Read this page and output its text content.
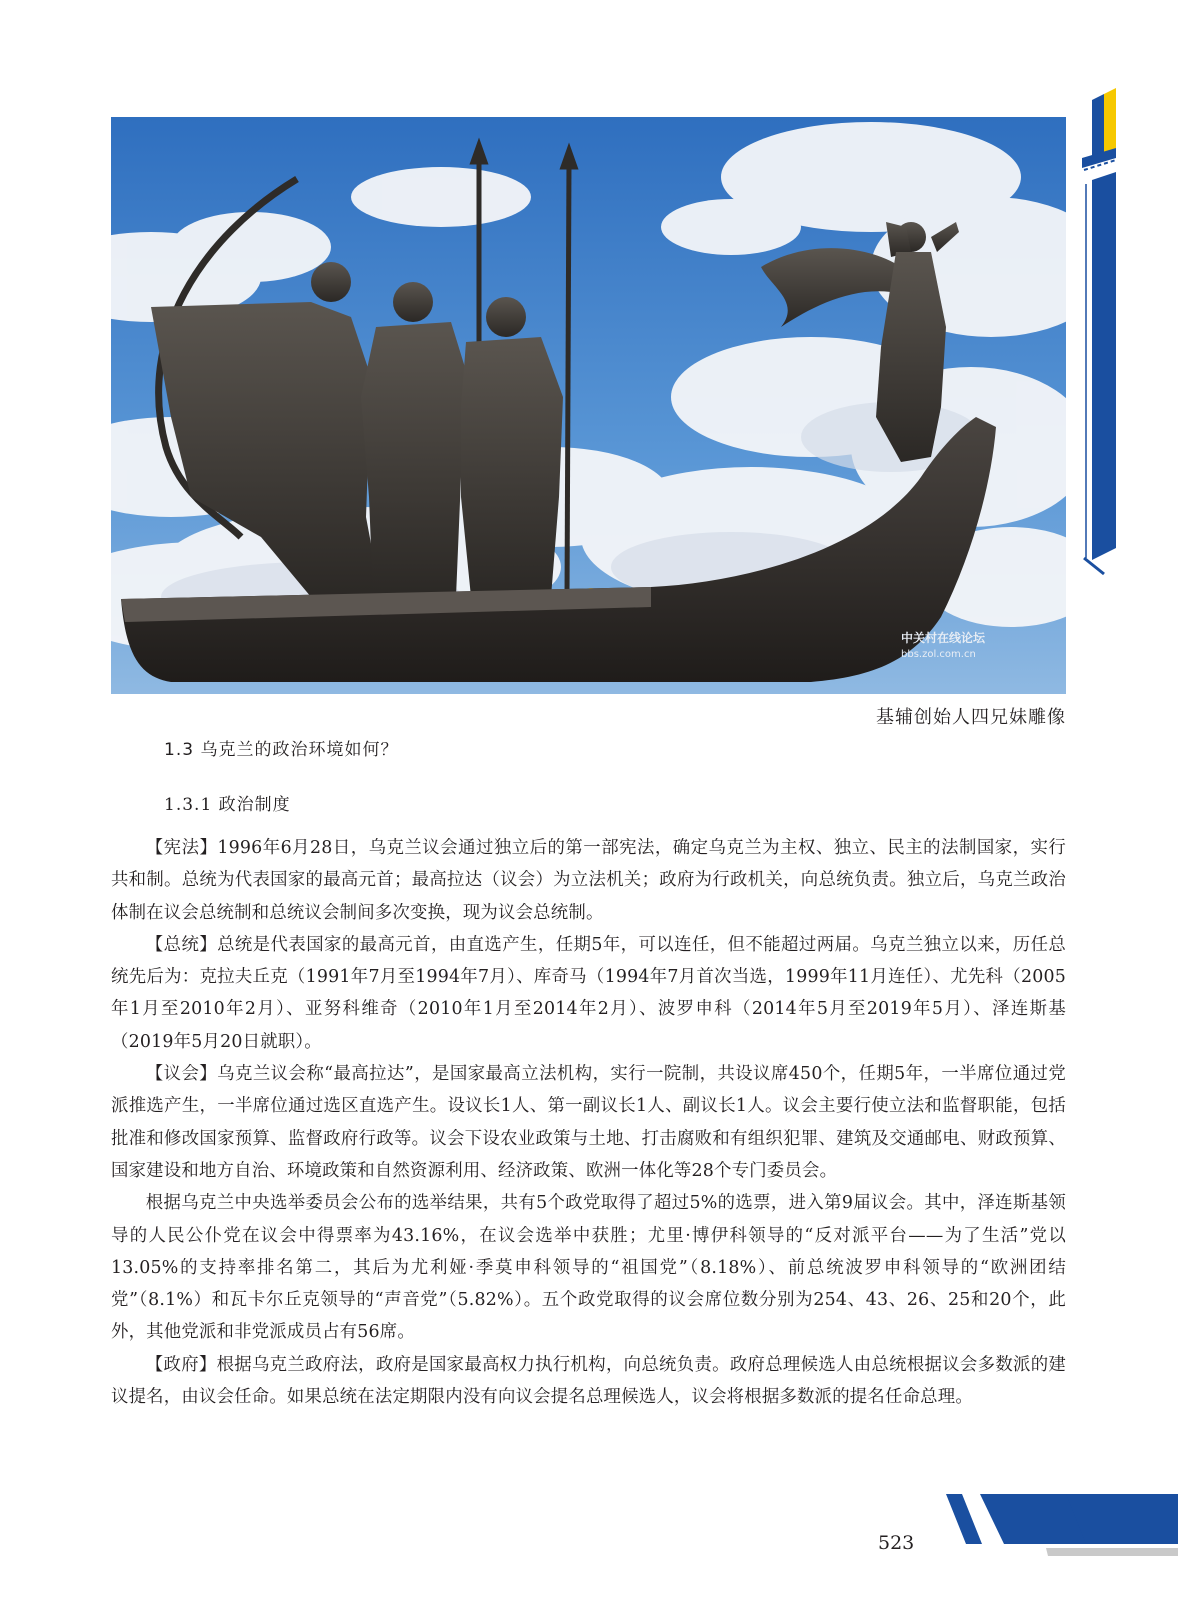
中关村在线论坛
bbs.zol.com.cn

基辅创始人四兄妹雕像

1.3 乌克兰的政治环境如何？
1.3.1 政治制度

【宪法】1996年6月28日，乌克兰议会通过独立后的第一部宪法，确定乌克兰为主权、独立、民主的法制国家，实行共和制。总统为代表国家的最高元首；最高拉达（议会）为立法机关；政府为行政机关，向总统负责。独立后，乌克兰政治体制在议会总统制和总统议会制间多次变换，现为议会总统制。

【总统】总统是代表国家的最高元首，由直选产生，任期5年，可以连任，但不能超过两届。乌克兰独立以来，历任总统先后为：克拉夫丘克（1991年7月至1994年7月）、库奇马（1994年7月首次当选，1999年11月连任）、尤先科（2005年1月至2010年2月）、亚努科维奇（2010年1月至2014年2月）、波罗申科（2014年5月至2019年5月）、泽连斯基（2019年5月20日就职）。

【议会】乌克兰议会称“最高拉达”，是国家最高立法机构，实行一院制，共设议席450个，任期5年，一半席位通过党派推选产生，一半席位通过选区直选产生。设议长1人、第一副议长1人、副议长1人。议会主要行使立法和监督职能，包括批准和修改国家预算、监督政府行政等。议会下设农业政策与土地、打击腐败和有组织犯罪、建筑及交通邮电、财政预算、国家建设和地方自治、环境政策和自然资源利用、经济政策、欧洲一体化等28个专门委员会。

根据乌克兰中央选举委员会公布的选举结果，共有5个政党取得了超过5%的选票，进入第9届议会。其中，泽连斯基领导的人民公仆党在议会中得票率为43.16%，在议会选举中获胜；尤里·博伊科领导的“反对派平台——为了生活”党以13.05%的支持率排名第二，其后为尤利娅·季莫申科领导的“祖国党”（8.18%）、前总统波罗申科领导的“欧洲团结党”（8.1%）和瓦卡尔丘克领导的“声音党”（5.82%）。五个政党取得的议会席位数分别为254、43、26、25和20个，此外，其他党派和非党派成员占有56席。

【政府】根据乌克兰政府法，政府是国家最高权力执行机构，向总统负责。政府总理候选人由总统根据议会多数派的建议提名，由议会任命。如果总统在法定期限内没有向议会提名总理候选人，议会将根据多数派的提名任命总理。

523
